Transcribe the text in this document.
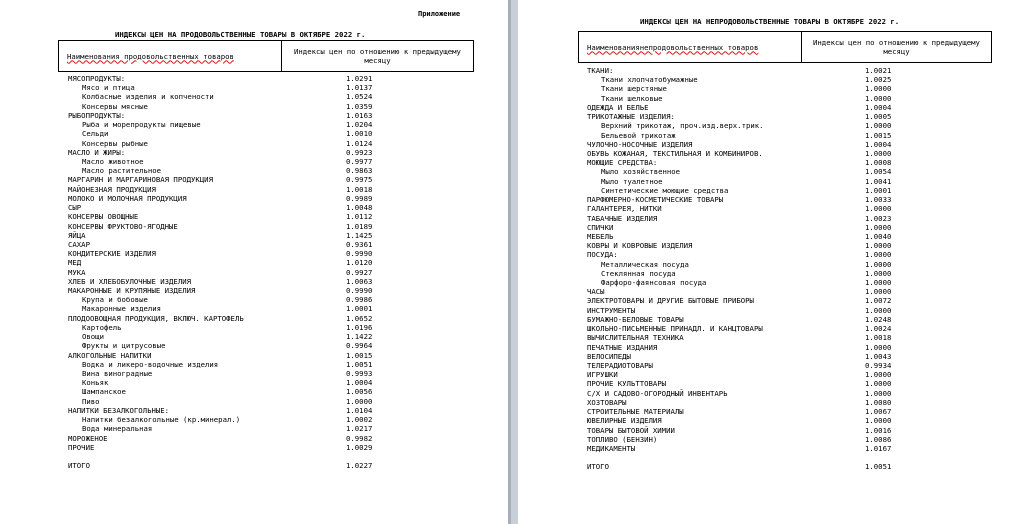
Приложение
ИНДЕКСЫ ЦЕН НА ПРОДОВОЛЬСТВЕННЫЕ ТОВАРЫ В ОКТЯБРЕ 2022 г.
Наименования продовольственных товаров	Индексы цен по отношению к предыдущему месяцу
МЯСОПРОДУКТЫ:	1.0291
Мясо и птица	1.0137
Колбасные изделия и копчености	1.0524
Консервы мясные	1.0359
РЫБОПРОДУКТЫ:	1.0163
Рыба и морепродукты пищевые	1.0204
Сельди	1.0010
Консервы рыбные	1.0124
МАСЛО И ЖИРЫ:	0.9923
Масло животное	0.9977
Масло растительное	0.9863
МАРГАРИН И МАРГАРИНОВАЯ ПРОДУКЦИЯ	0.9975
МАЙОНЕЗНАЯ ПРОДУКЦИЯ	1.0018
МОЛОКО И МОЛОЧНАЯ ПРОДУКЦИЯ	0.9989
СЫР	1.0048
КОНСЕРВЫ ОВОЩНЫЕ	1.0112
КОНСЕРВЫ ФРУКТОВО-ЯГОДНЫЕ	1.0189
ЯЙЦА	1.1425
САХАР	0.9361
КОНДИТЕРСКИЕ ИЗДЕЛИЯ	0.9990
МЕД	1.0120
МУКА	0.9927
ХЛЕБ И ХЛЕБОБУЛОЧНЫЕ ИЗДЕЛИЯ	1.0063
МАКАРОННЫЕ И КРУПЯНЫЕ ИЗДЕЛИЯ	0.9990
Крупа и бобовые	0.9986
Макаронные изделия	1.0001
ПЛОДООВОЩНАЯ ПРОДУКЦИЯ, ВКЛЮЧ. КАРТОФЕЛЬ	1.0652
Картофель	1.0196
Овощи	1.1422
Фрукты и цитрусовые	0.9964
АЛКОГОЛЬНЫЕ НАПИТКИ	1.0015
Водка и ликеро-водочные изделия	1.0051
Вина виноградные	0.9993
Коньяк	1.0004
Шампанское	1.0056
Пиво	1.0000
НАПИТКИ БЕЗАЛКОГОЛЬНЫЕ:	1.0104
Напитки безалкогольные (кр.минерал.)	1.0002
Вода минеральная	1.0217
МОРОЖЕНОЕ	0.9982
ПРОЧИЕ	1.0029
ИТОГО	1.0227
ИНДЕКСЫ ЦЕН НА НЕПРОДОВОЛЬСТВЕННЫЕ ТОВАРЫ В ОКТЯБРЕ 2022 г.
Наименованиянепродовольственных товаров	Индексы цен по отношению к предыдущему месяцу
ТКАНИ:	1.0021
Ткани хлопчатобумажные	1.0025
Ткани шерстяные	1.0000
Ткани шелковые	1.0000
ОДЕЖДА И БЕЛЬЕ	1.0004
ТРИКОТАЖНЫЕ ИЗДЕЛИЯ:	1.0005
Верхний трикотаж, проч.изд.верх.трик.	1.0000
Бельевой трикотаж	1.0015
ЧУЛОЧНО-НОСОЧНЫЕ ИЗДЕЛИЯ	1.0004
ОБУВЬ КОЖАНАЯ, ТЕКСТИЛЬНАЯ И КОМБИНИРОВ.	1.0000
МОЮЩИЕ СРЕДСТВА:	1.0008
Мыло хозяйственное	1.0054
Мыло туалетное	1.0041
Синтетические моющие средства	1.0001
ПАРФЮМЕРНО-КОСМЕТИЧЕСКИЕ ТОВАРЫ	1.0033
ГАЛАНТЕРЕЯ, НИТКИ	1.0000
ТАБАЧНЫЕ ИЗДЕЛИЯ	1.0023
СПИЧКИ	1.0000
МЕБЕЛЬ	1.0040
КОВРЫ И КОВРОВЫЕ ИЗДЕЛИЯ	1.0000
ПОСУДА:	1.0000
Металлическая посуда	1.0000
Стеклянная посуда	1.0000
Фарфоро-фаянсовая посуда	1.0000
ЧАСЫ	1.0000
ЭЛЕКТРОТОВАРЫ И ДРУГИЕ БЫТОВЫЕ ПРИБОРЫ	1.0072
ИНСТРУМЕНТЫ	1.0000
БУМАЖНО-БЕЛОВЫЕ ТОВАРЫ	1.0248
ШКОЛЬНО-ПИСЬМЕННЫЕ ПРИНАДЛ. И КАНЦТОВАРЫ	1.0024
ВЫЧИСЛИТЕЛЬНАЯ ТЕХНИКА	1.0018
ПЕЧАТНЫЕ ИЗДАНИЯ	1.0000
ВЕЛОСИПЕДЫ	1.0043
ТЕЛЕРАДИОТОВАРЫ	0.9934
ИГРУШКИ	1.0000
ПРОЧИЕ КУЛЬТТОВАРЫ	1.0000
С/Х И САДОВО-ОГОРОДНЫЙ ИНВЕНТАРЬ	1.0000
ХОЗТОВАРЫ	1.0080
СТРОИТЕЛЬНЫЕ МАТЕРИАЛЫ	1.0067
ЮВЕЛИРНЫЕ ИЗДЕЛИЯ	1.0000
ТОВАРЫ БЫТОВОЙ ХИМИИ	1.0016
ТОПЛИВО (БЕНЗИН)	1.0086
МЕДИКАМЕНТЫ	1.0167
ИТОГО	1.0051
